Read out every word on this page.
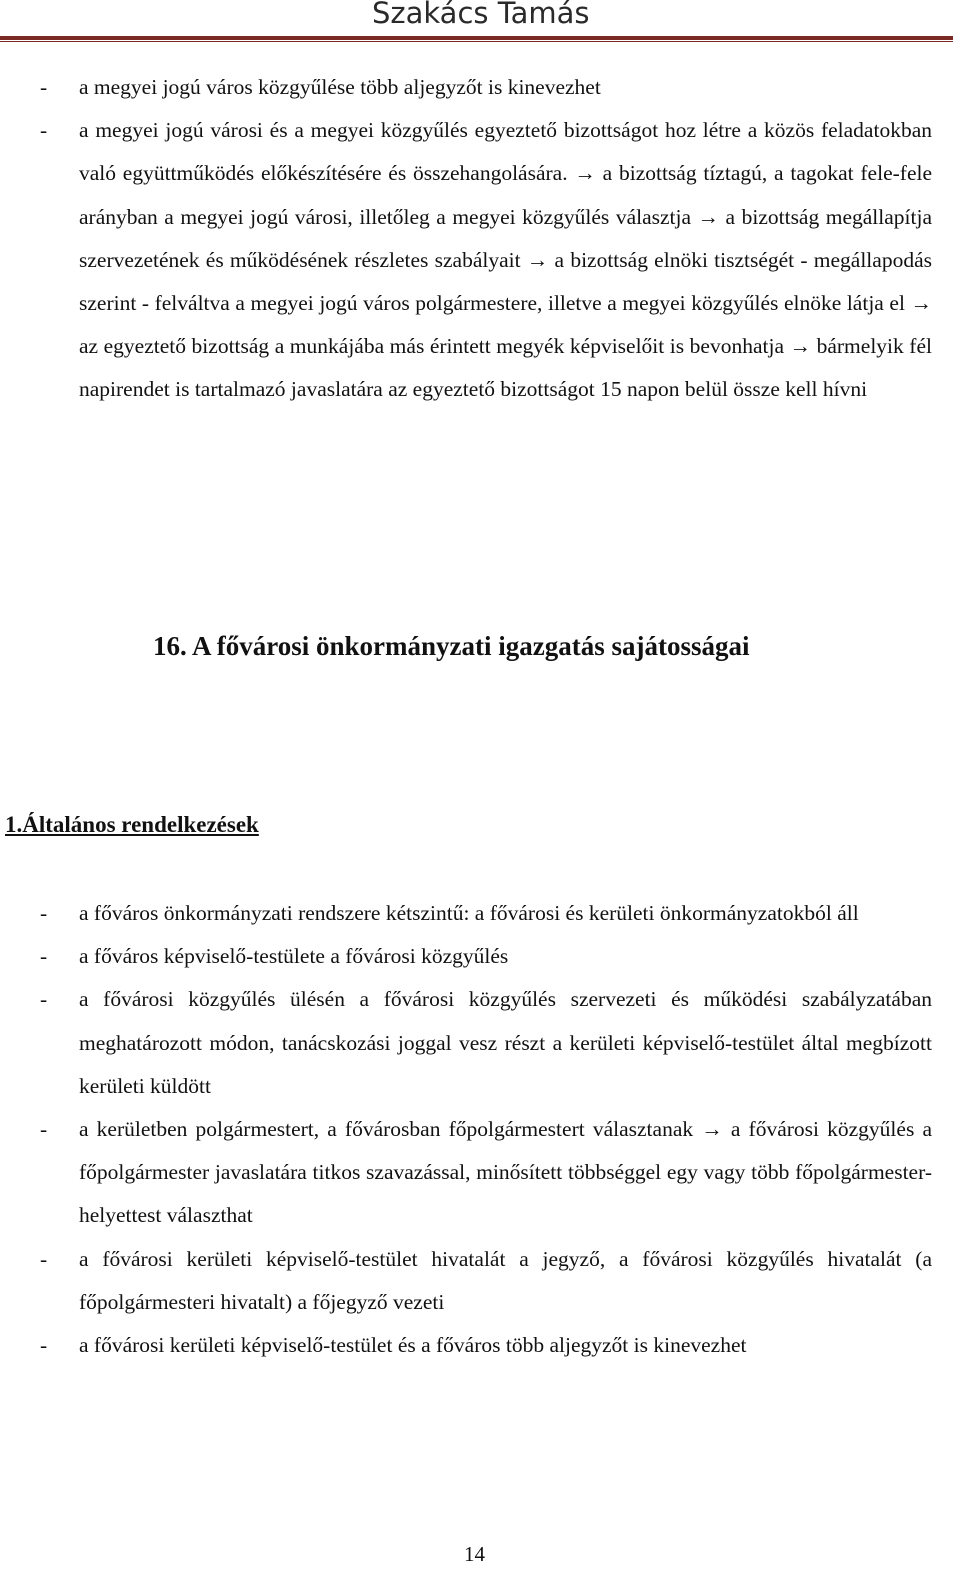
Szakács Tamás
- a megyei jogú város közgyűlése több aljegyzőt is kinevezhet
- a megyei jogú városi és a megyei közgyűlés egyeztető bizottságot hoz létre a közös feladatokban való együttműködés előkészítésére és összehangolására. → a bizottság tíztagú, a tagokat fele-fele arányban a megyei jogú városi, illetőleg a megyei közgyűlés választja → a bizottság megállapítja szervezetének és működésének részletes szabályait → a bizottság elnöki tisztségét - megállapodás szerint - felváltva a megyei jogú város polgármestere, illetve a megyei közgyűlés elnöke látja el → az egyeztető bizottság a munkájába más érintett megyék képviselőit is bevonhatja → bármelyik fél napirendet is tartalmazó javaslatára az egyeztető bizottságot 15 napon belül össze kell hívni
16. A fővárosi önkormányzati igazgatás sajátosságai
1.Általános rendelkezések
- a főváros önkormányzati rendszere kétszintű: a fővárosi és kerületi önkormányzatokból áll
- a főváros képviselő-testülete a fővárosi közgyűlés
- a fővárosi közgyűlés ülésén a fővárosi közgyűlés szervezeti és működési szabályzatában meghatározott módon, tanácskozási joggal vesz részt a kerületi képviselő-testület által megbízott kerületi küldött
- a kerületben polgármestert, a fővárosban főpolgármestert választanak → a fővárosi közgyűlés a főpolgármester javaslatára titkos szavazással, minősített többséggel egy vagy több főpolgármester-helyettest választhat
- a fővárosi kerületi képviselő-testület hivatalát a jegyző, a fővárosi közgyűlés hivatalát (a főpolgármesteri hivatalt) a főjegyző vezeti
- a fővárosi kerületi képviselő-testület és a főváros több aljegyzőt is kinevezhet
14
